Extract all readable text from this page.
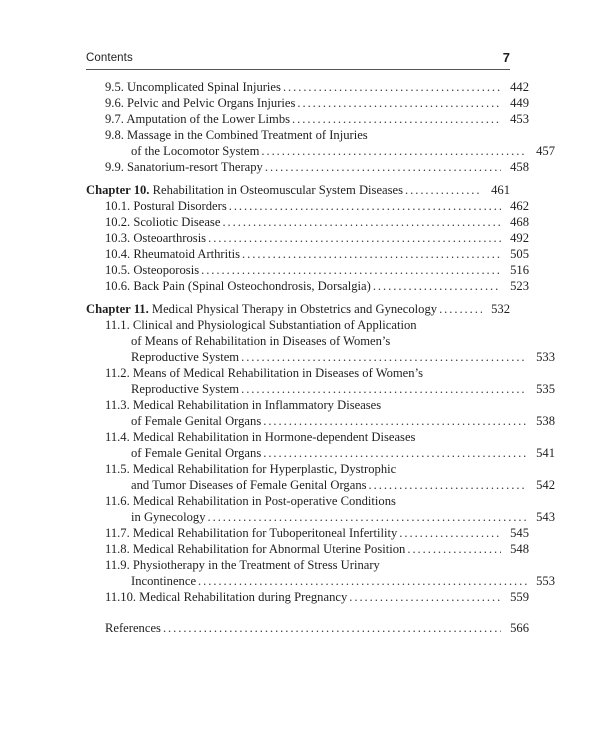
Contents	7
9.5. Uncomplicated Spinal Injuries . . .	442
9.6. Pelvic and Pelvic Organs Injuries . . .	449
9.7. Amputation of the Lower Limbs . . .	453
9.8. Massage in the Combined Treatment of Injuries
of the Locomotor System . . .	457
9.9. Sanatorium-resort Therapy . . .	458
Chapter 10. Rehabilitation in Osteomuscular System Diseases . . .	461
10.1. Postural Disorders . . .	462
10.2. Scoliotic Disease . . .	468
10.3. Osteoarthrosis . . .	492
10.4. Rheumatoid Arthritis . . .	505
10.5. Osteoporosis . . .	516
10.6. Back Pain (Spinal Osteochondrosis, Dorsalgia) . . .	523
Chapter 11. Medical Physical Therapy in Obstetrics and Gynecology . . .	532
11.1. Clinical and Physiological Substantiation of Application
of Means of Rehabilitation in Diseases of Women’s
Reproductive System . . .	533
11.2. Means of Medical Rehabilitation in Diseases of Women’s
Reproductive System . . .	535
11.3. Medical Rehabilitation in Inflammatory Diseases
of Female Genital Organs . . .	538
11.4. Medical Rehabilitation in Hormone-dependent Diseases
of Female Genital Organs . . .	541
11.5. Medical Rehabilitation for Hyperplastic, Dystrophic
and Tumor Diseases of Female Genital Organs . . .	542
11.6. Medical Rehabilitation in Post-operative Conditions
in Gynecology . . .	543
11.7. Medical Rehabilitation for Tuboperitoneal Infertility . . .	545
11.8. Medical Rehabilitation for Abnormal Uterine Position . . .	548
11.9. Physiotherapy in the Treatment of Stress Urinary
Incontinence . . .	553
11.10. Medical Rehabilitation during Pregnancy . . .	559
References . . .	566
